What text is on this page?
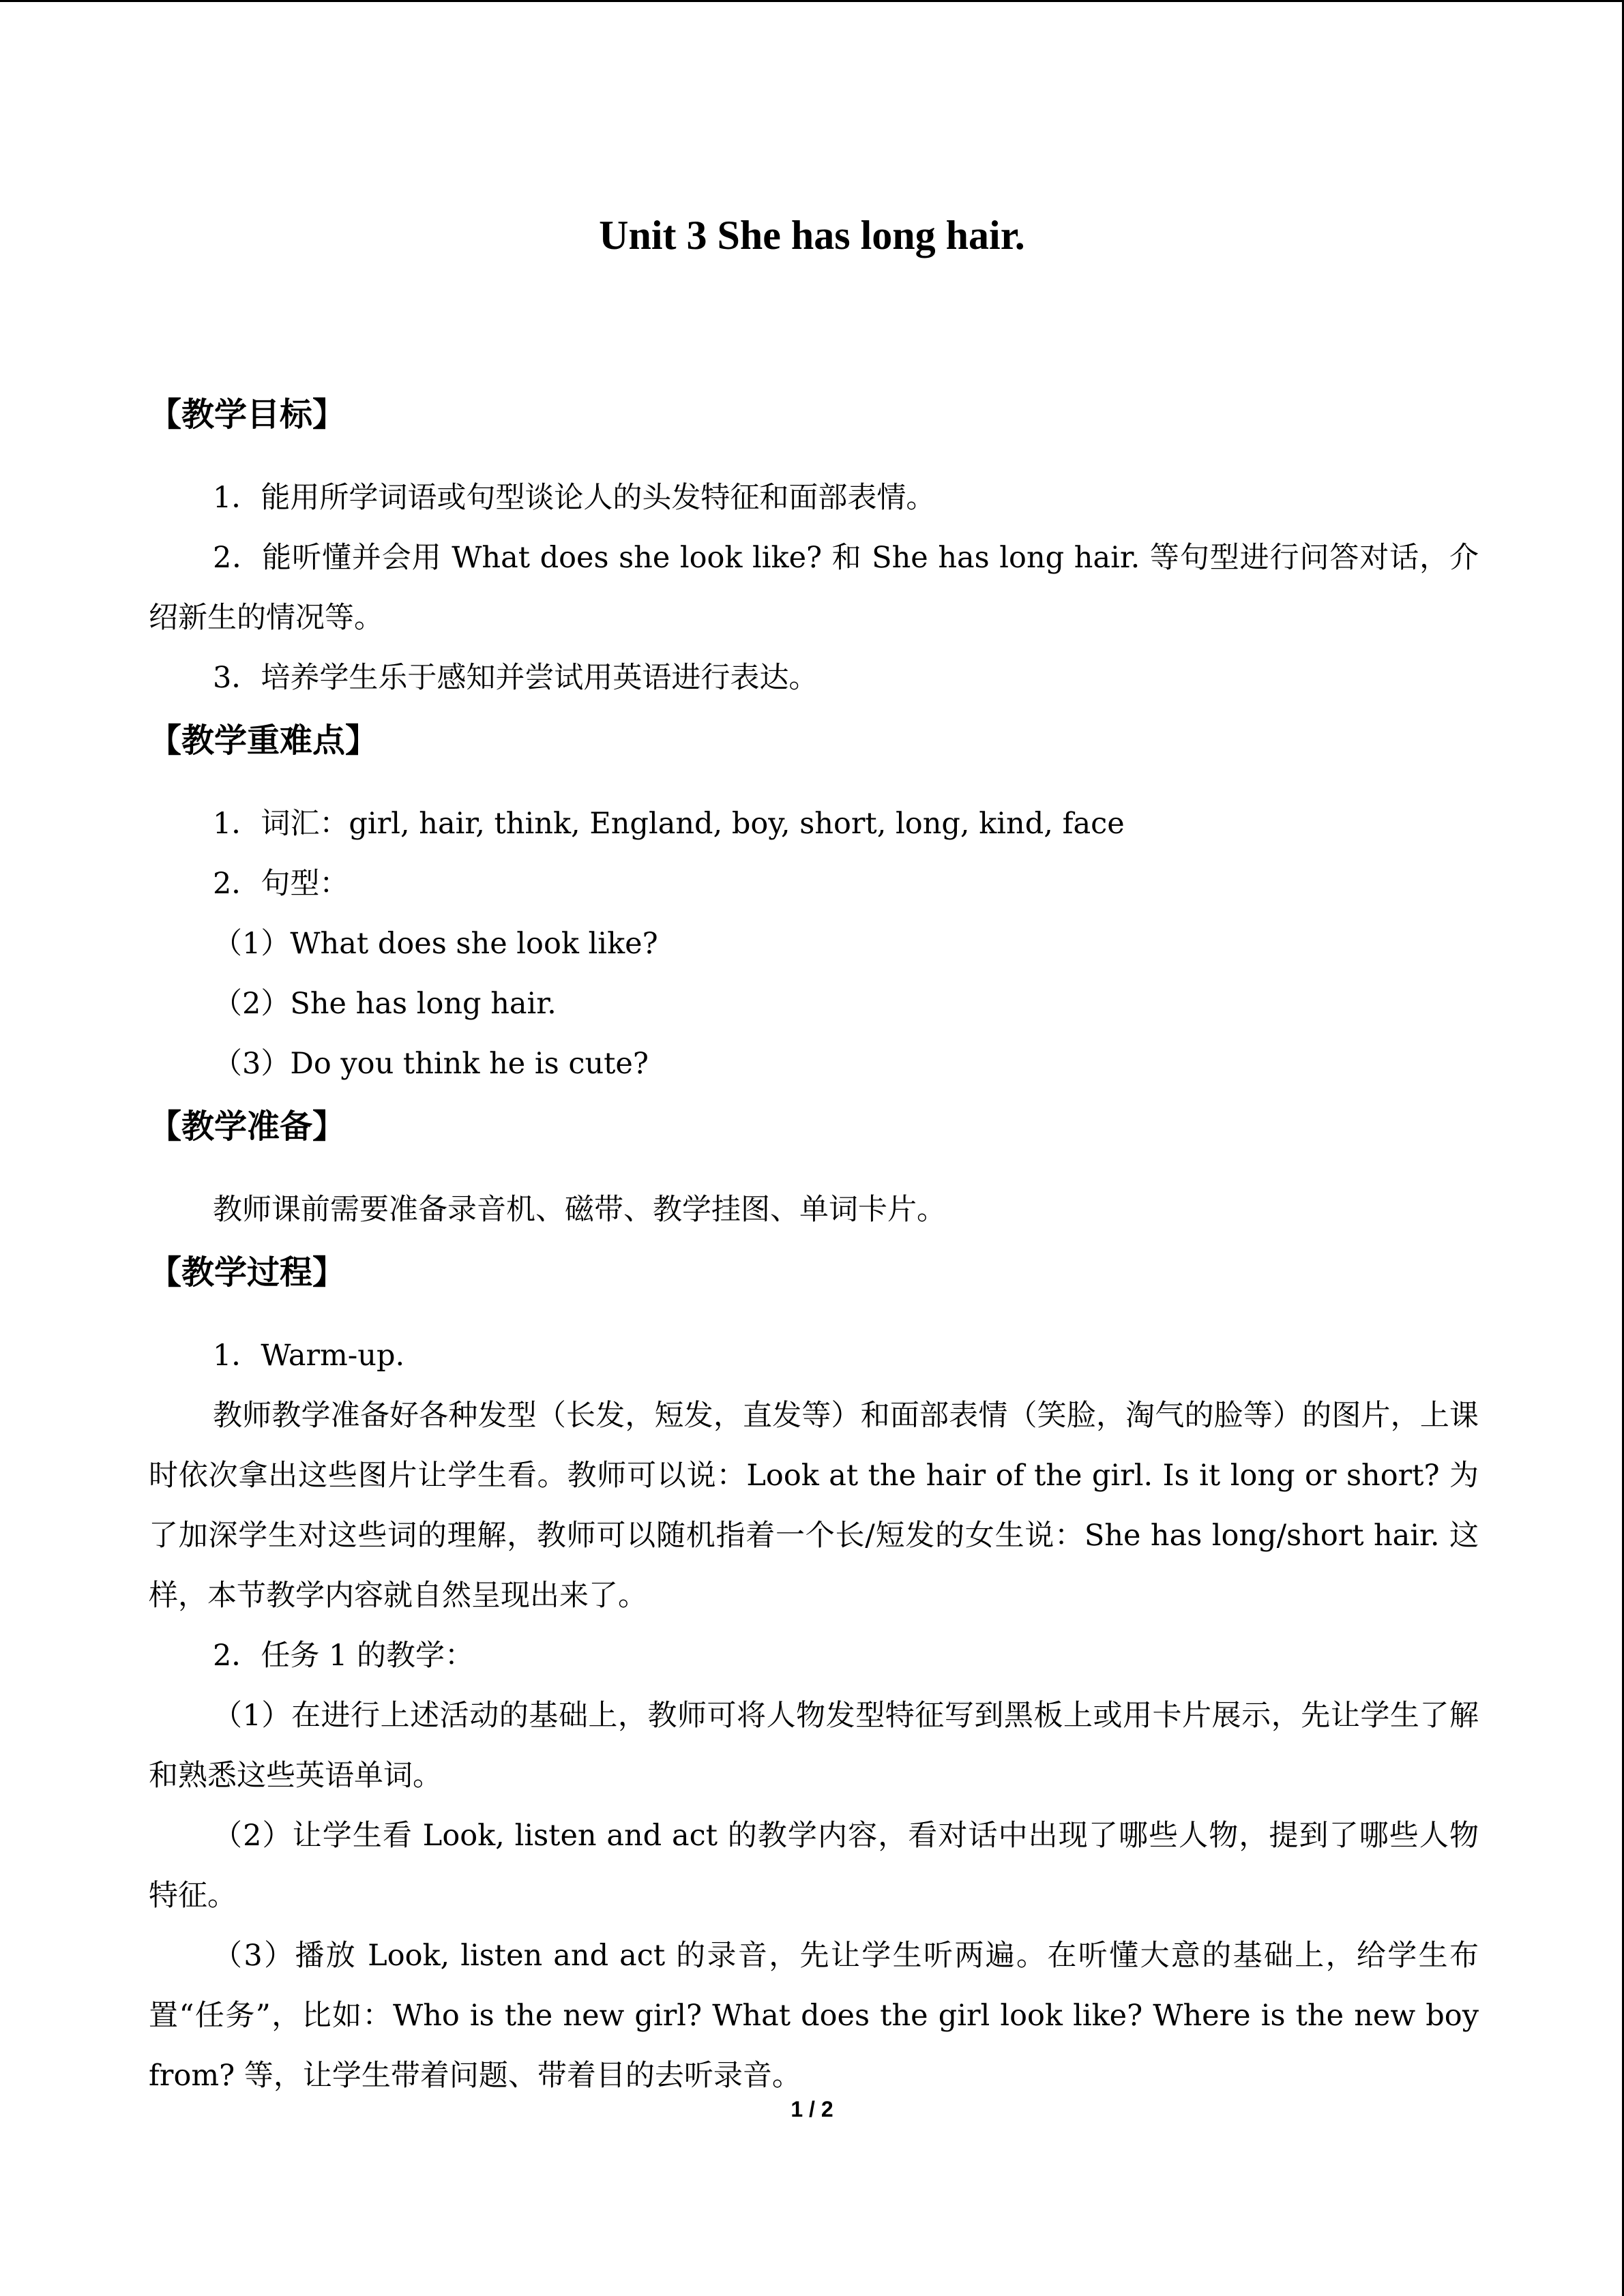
Unit 3 She has long hair.
【教学目标】
1．能用所学词语或句型谈论人的头发特征和面部表情。
2．能听懂并会用 What does she look like? 和 She has long hair. 等句型进行问答对话，介绍新生的情况等。
3．培养学生乐于感知并尝试用英语进行表达。
【教学重难点】
1．词汇：girl, hair, think, England, boy, short, long, kind, face
2．句型：
（1）What does she look like?
（2）She has long hair.
（3）Do you think he is cute?
【教学准备】
教师课前需要准备录音机、磁带、教学挂图、单词卡片。
【教学过程】
1．Warm-up.
教师教学准备好各种发型（长发，短发，直发等）和面部表情（笑脸，淘气的脸等）的图片，上课时依次拿出这些图片让学生看。教师可以说：Look at the hair of the girl. Is it long or short? 为了加深学生对这些词的理解，教师可以随机指着一个长/短发的女生说：She has long/short hair. 这样，本节教学内容就自然呈现出来了。
2．任务 1 的教学：
（1）在进行上述活动的基础上，教师可将人物发型特征写到黑板上或用卡片展示，先让学生了解和熟悉这些英语单词。
（2）让学生看 Look, listen and act 的教学内容，看对话中出现了哪些人物，提到了哪些人物特征。
（3）播放 Look, listen and act 的录音，先让学生听两遍。在听懂大意的基础上，给学生布置“任务”，比如：Who is the new girl? What does the girl look like? Where is the new boy from? 等，让学生带着问题、带着目的去听录音。
1 / 2
